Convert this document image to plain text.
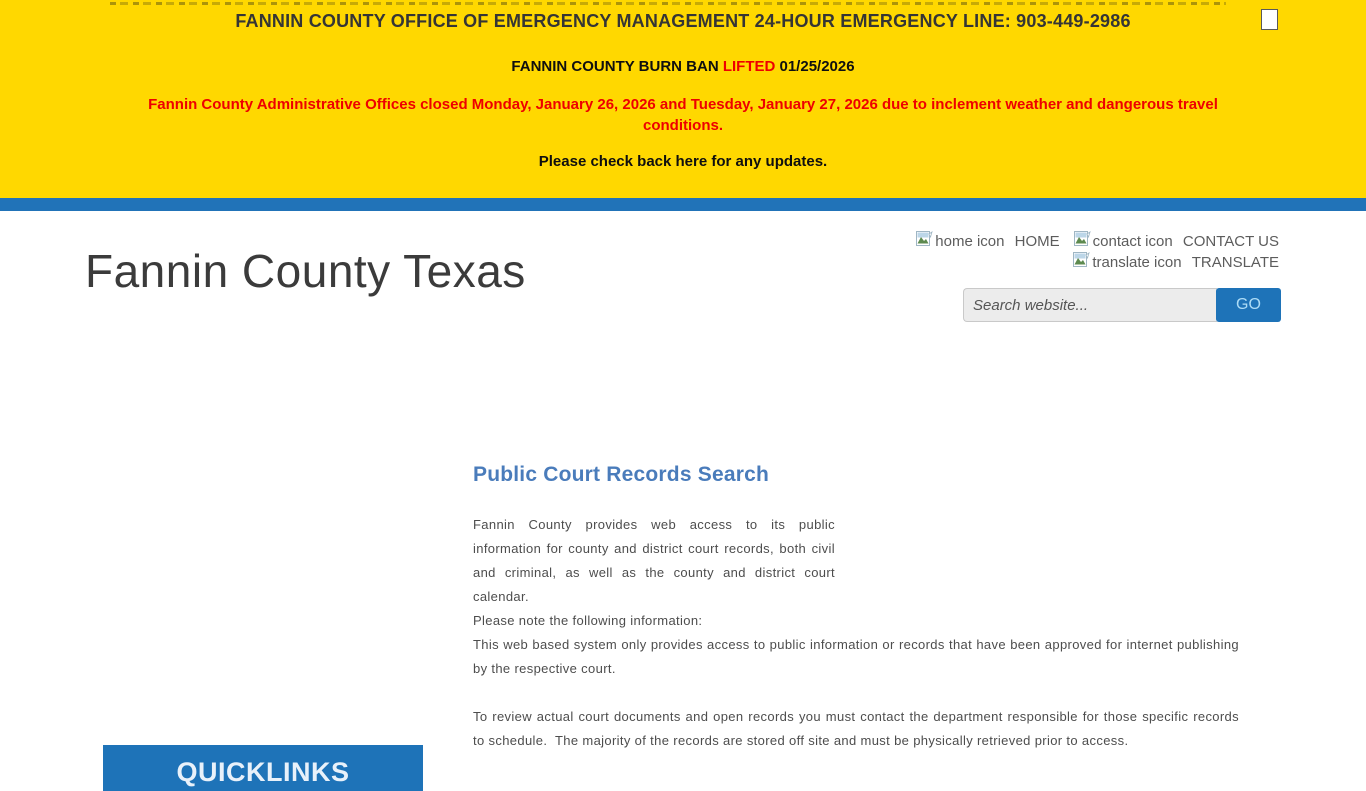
FANNIN COUNTY OFFICE OF EMERGENCY MANAGEMENT 24-HOUR EMERGENCY LINE: 903-449-2986
FANNIN COUNTY BURN BAN LIFTED 01/25/2026
Fannin County Administrative Offices closed Monday, January 26, 2026 and Tuesday, January 27, 2026 due to inclement weather and dangerous travel conditions.
Please check back here for any updates.
Fannin County Texas
home icon
HOME contact icon
CONTACT US
translate icon
TRANSLATE
Search website...
GO
Public Court Records Search

Fannin County provides web access to its public information for county and district court records, both civil and criminal, as well as the county and district court calendar.

Please note the following information:
This web based system only provides access to public information or records that have been approved for internet publishing by the respective court.

To review actual court documents and open records you must contact the department responsible for those specific records to schedule.  The majority of the records are stored off site and must be physically retrieved prior to access.

QUICKLINKS
